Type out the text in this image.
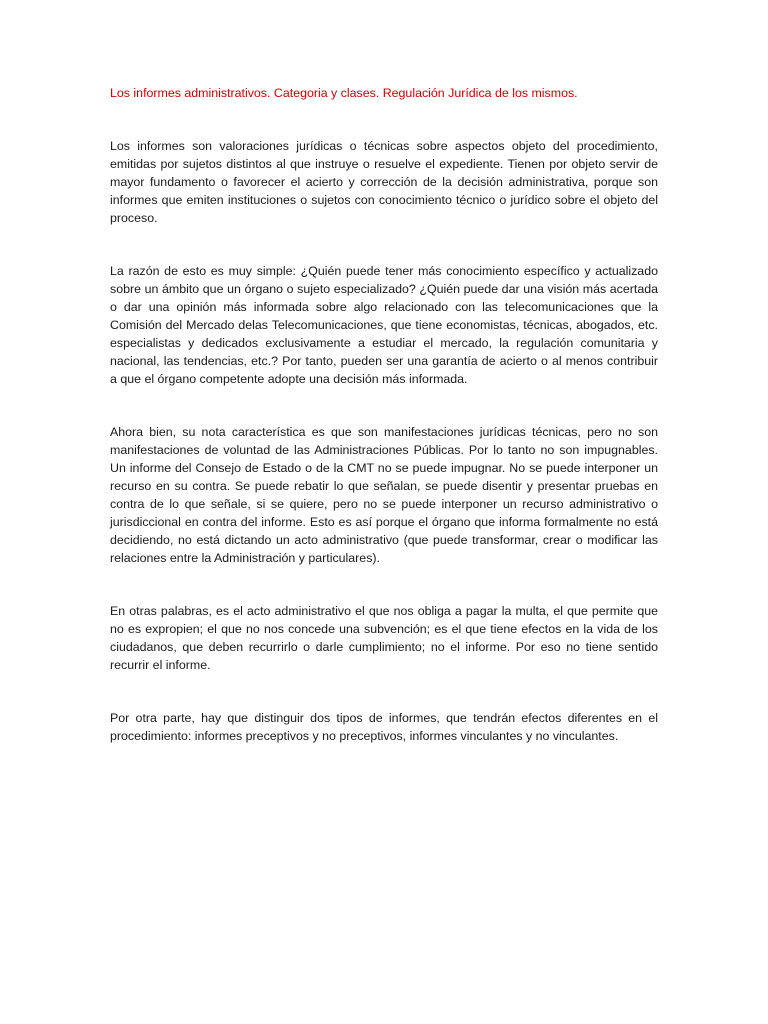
Los informes administrativos. Categoria y clases. Regulación Jurídica de los mismos.

Los informes son valoraciones jurídicas o técnicas sobre aspectos objeto del procedimiento, emitidas por sujetos distintos al que instruye o resuelve el expediente. Tienen por objeto servir de mayor fundamento o favorecer el acierto y corrección de la decisión administrativa, porque son informes que emiten instituciones o sujetos con conocimiento técnico o jurídico sobre el objeto del proceso.

La razón de esto es muy simple: ¿Quién puede tener más conocimiento específico y actualizado sobre un ámbito que un órgano o sujeto especializado? ¿Quién puede dar una visión más acertada o dar una opinión más informada sobre algo relacionado con las telecomunicaciones que la Comisión del Mercado delas Telecomunicaciones, que tiene economistas, técnicas, abogados, etc. especialistas y dedicados exclusivamente a estudiar el mercado, la regulación comunitaria y nacional, las tendencias, etc.? Por tanto, pueden ser una garantía de acierto o al menos contribuir a que el órgano competente adopte una decisión más informada.

Ahora bien, su nota característica es que son manifestaciones jurídicas técnicas, pero no son manifestaciones de voluntad de las Administraciones Públicas. Por lo tanto no son impugnables. Un informe del Consejo de Estado o de la CMT no se puede impugnar. No se puede interponer un recurso en su contra. Se puede rebatir lo que señalan, se puede disentir y presentar pruebas en contra de lo que señale, si se quiere, pero no se puede interponer un recurso administrativo o jurisdiccional en contra del informe. Esto es así porque el órgano que informa formalmente no está decidiendo, no está dictando un acto administrativo (que puede transformar, crear o modificar las relaciones entre la Administración y particulares).

En otras palabras, es el acto administrativo el que nos obliga a pagar la multa, el que permite que no es expropien; el que no nos concede una subvención; es el que tiene efectos en la vida de los ciudadanos, que deben recurrirlo o darle cumplimiento; no el informe. Por eso no tiene sentido recurrir el informe.

Por otra parte, hay que distinguir dos tipos de informes, que tendrán efectos diferentes en el procedimiento: informes preceptivos y no preceptivos, informes vinculantes y no vinculantes.
